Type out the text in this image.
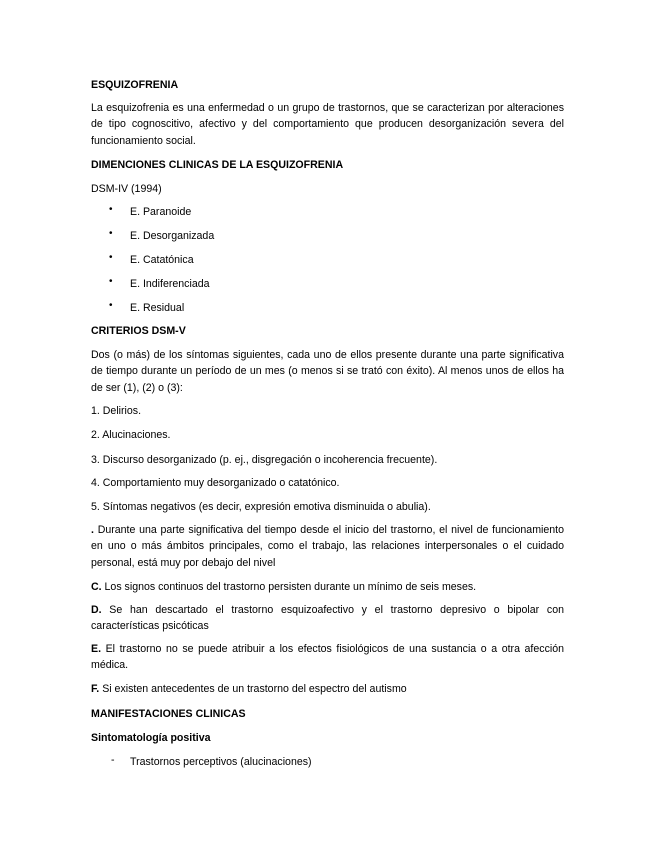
ESQUIZOFRENIA

La esquizofrenia es una enfermedad o un grupo de trastornos, que se caracterizan por alteraciones de tipo cognoscitivo, afectivo y del comportamiento que producen desorganización severa del funcionamiento social.

DIMENCIONES CLINICAS DE LA ESQUIZOFRENIA

DSM-IV (1994)

• E. Paranoide
• E. Desorganizada
• E. Catatónica
• E. Indiferenciada
• E. Residual

CRITERIOS DSM-V

Dos (o más) de los síntomas siguientes, cada uno de ellos presente durante una parte significativa de tiempo durante un período de un mes (o menos si se trató con éxito). Al menos unos de ellos ha de ser (1), (2) o (3):

1. Delirios.

2. Alucinaciones.

3. Discurso desorganizado (p. ej., disgregación o incoherencia frecuente).

4. Comportamiento muy desorganizado o catatónico.

5. Síntomas negativos (es decir, expresión emotiva disminuida o abulia).

. Durante una parte significativa del tiempo desde el inicio del trastorno, el nivel de funcionamiento en uno o más ámbitos principales, como el trabajo, las relaciones interpersonales o el cuidado personal, está muy por debajo del nivel

C. Los signos continuos del trastorno persisten durante un mínimo de seis meses.

D. Se han descartado el trastorno esquizoafectivo y el trastorno depresivo o bipolar con características psicóticas

E. El trastorno no se puede atribuir a los efectos fisiológicos de una sustancia o a otra afección médica.

F. Si existen antecedentes de un trastorno del espectro del autismo

MANIFESTACIONES CLINICAS

Sintomatología positiva

- Trastornos perceptivos (alucinaciones)
